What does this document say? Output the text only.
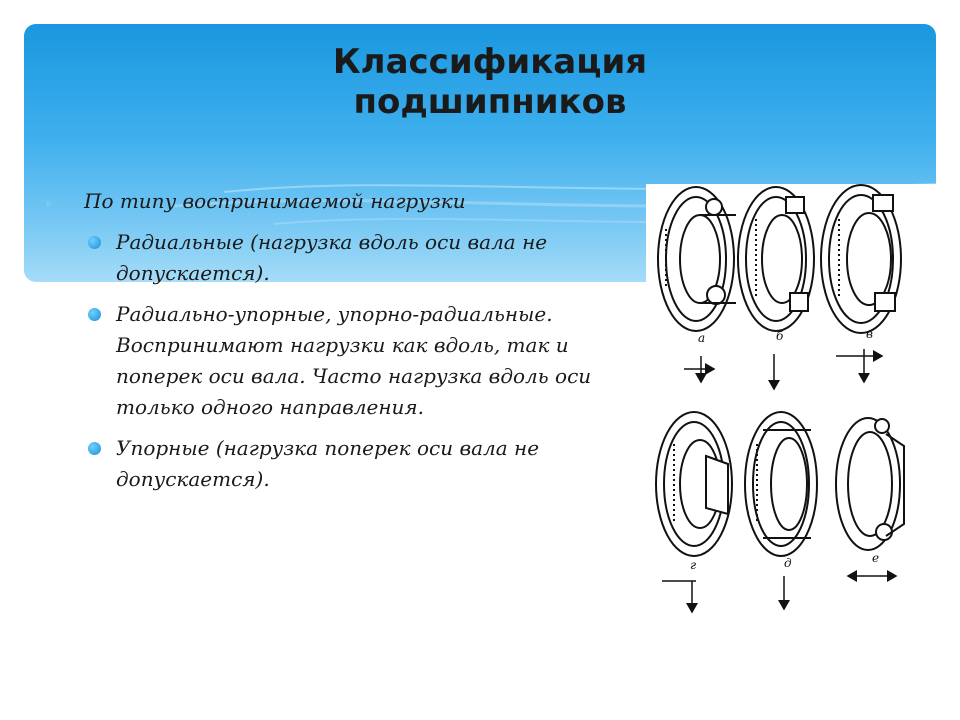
Классификация подшипников

▸ По типу воспринимаемой нагрузки

Радиальные (нагрузка вдоль оси вала не допускается).

Радиально-упорные, упорно-радиальные. Воспринимают нагрузки как вдоль, так и поперек оси вала. Часто нагрузка вдоль оси только одного направления.

Упорные (нагрузка поперек оси вала не допускается).

а	б	в
г	д	е
